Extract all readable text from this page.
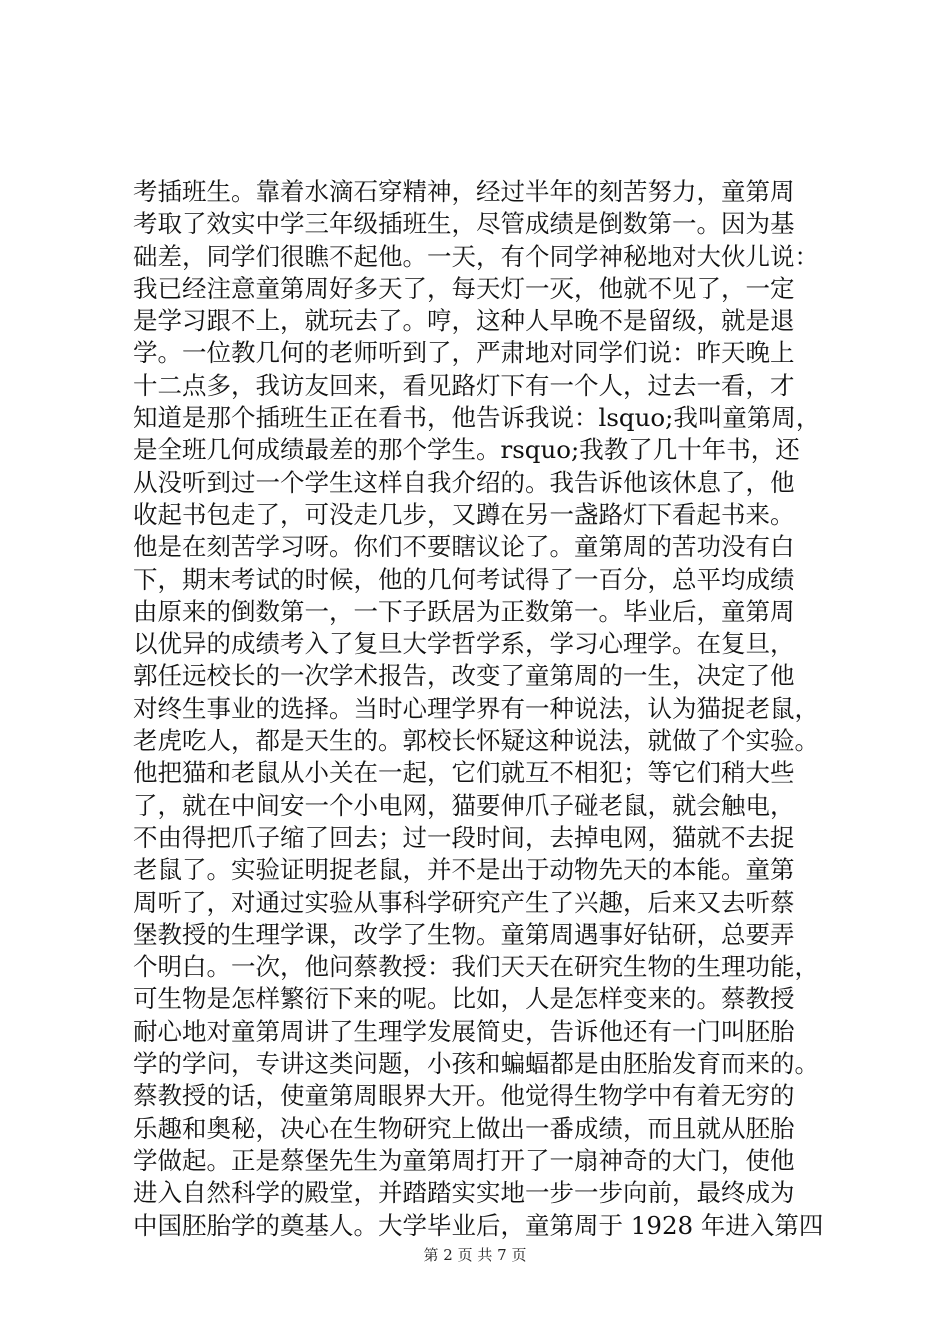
考插班生。靠着水滴石穿精神，经过半年的刻苦努力，童第周
考取了效实中学三年级插班生，尽管成绩是倒数第一。因为基
础差，同学们很瞧不起他。一天，有个同学神秘地对大伙儿说：
我已经注意童第周好多天了，每天灯一灭，他就不见了，一定
是学习跟不上，就玩去了。哼，这种人早晚不是留级，就是退
学。一位教几何的老师听到了，严肃地对同学们说：昨天晚上
十二点多，我访友回来，看见路灯下有一个人，过去一看，才
知道是那个插班生正在看书，他告诉我说：lsquo;我叫童第周，
是全班几何成绩最差的那个学生。rsquo;我教了几十年书，还
从没听到过一个学生这样自我介绍的。我告诉他该休息了，他
收起书包走了，可没走几步，又蹲在另一盏路灯下看起书来。
他是在刻苦学习呀。你们不要瞎议论了。童第周的苦功没有白
下，期末考试的时候，他的几何考试得了一百分，总平均成绩
由原来的倒数第一，一下子跃居为正数第一。毕业后，童第周
以优异的成绩考入了复旦大学哲学系，学习心理学。在复旦，
郭任远校长的一次学术报告，改变了童第周的一生，决定了他
对终生事业的选择。当时心理学界有一种说法，认为猫捉老鼠，
老虎吃人，都是天生的。郭校长怀疑这种说法，就做了个实验。
他把猫和老鼠从小关在一起，它们就互不相犯；等它们稍大些
了，就在中间安一个小电网，猫要伸爪子碰老鼠，就会触电，
不由得把爪子缩了回去；过一段时间，去掉电网，猫就不去捉
老鼠了。实验证明捉老鼠，并不是出于动物先天的本能。童第
周听了，对通过实验从事科学研究产生了兴趣，后来又去听蔡
堡教授的生理学课，改学了生物。童第周遇事好钻研，总要弄
个明白。一次，他问蔡教授：我们天天在研究生物的生理功能，
可生物是怎样繁衍下来的呢。比如，人是怎样变来的。蔡教授
耐心地对童第周讲了生理学发展简史，告诉他还有一门叫胚胎
学的学问，专讲这类问题，小孩和蝙蝠都是由胚胎发育而来的。
蔡教授的话，使童第周眼界大开。他觉得生物学中有着无穷的
乐趣和奥秘，决心在生物研究上做出一番成绩，而且就从胚胎
学做起。正是蔡堡先生为童第周打开了一扇神奇的大门，使他
进入自然科学的殿堂，并踏踏实实地一步一步向前，最终成为
中国胚胎学的奠基人。大学毕业后，童第周于 1928 年进入第四
第 2 页 共 7 页
